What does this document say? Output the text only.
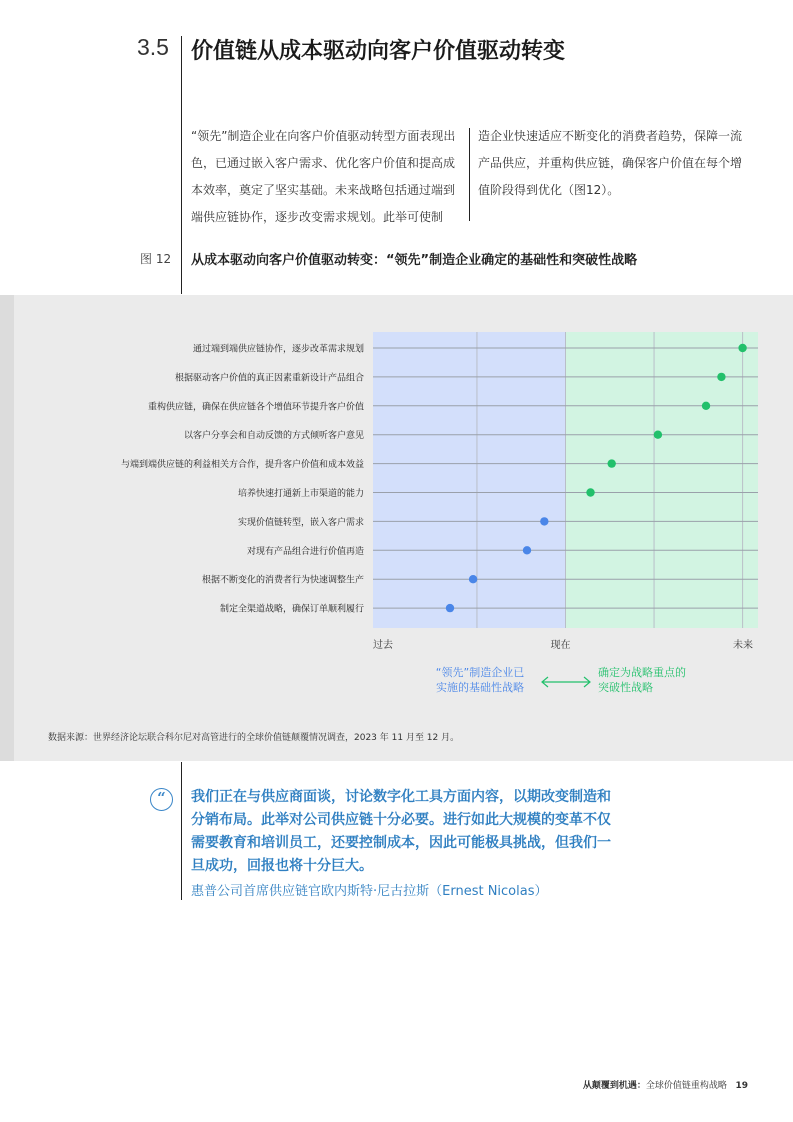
3.5 价值链从成本驱动向客户价值驱动转变
“领先”制造企业在向客户价值驱动转型方面表现出色，已通过嵌入客户需求、优化客户价值和提高成本效率，奠定了坚实基础。未来战略包括通过端到端供应链协作，逐步改变需求规划。此举可使制
造企业快速适应不断变化的消费者趋势，保障一流产品供应，并重构供应链，确保客户价值在每个增值阶段得到优化（图12）。
图 12 从成本驱动向客户价值驱动转变：“领先”制造企业确定的基础性和突破性战略
通过端到端供应链协作，逐步改革需求规划
根据驱动客户价值的真正因素重新设计产品组合
重构供应链，确保在供应链各个增值环节提升客户价值
以客户分享会和自动反馈的方式倾听客户意见
与端到端供应链的利益相关方合作，提升客户价值和成本效益
培养快速打通新上市渠道的能力
实现价值链转型，嵌入客户需求
对现有产品组合进行价值再造
根据不断变化的消费者行为快速调整生产
制定全渠道战略，确保订单顺利履行
过去	现在	未来
“领先”制造企业已
实施的基础性战略
确定为战略重点的
突破性战略
数据来源：世界经济论坛联合科尔尼对高管进行的全球价值链颠覆情况调查，2023 年 11 月至 12 月。
“	我们正在与供应商面谈，讨论数字化工具方面内容，以期改变制造和分销布局。此举对公司供应链十分必要。进行如此大规模的变革不仅需要教育和培训员工，还要控制成本，因此可能极具挑战，但我们一旦成功，回报也将十分巨大。
惠普公司首席供应链官欧内斯特·尼古拉斯（Ernest Nicolas）
从颠覆到机遇：全球价值链重构战略 19
